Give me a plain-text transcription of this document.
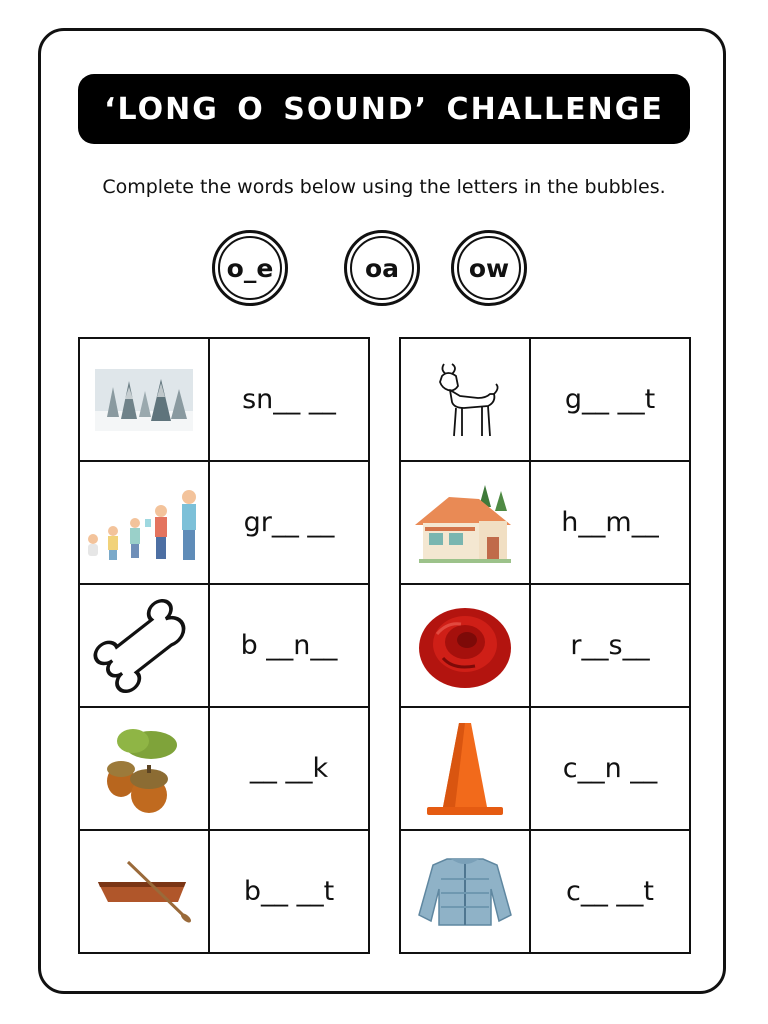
‘LONG O SOUND’ CHALLENGE
Complete the words below using the letters in the bubbles.
o_e	oa	ow
	sn__ __

	gr__ __

	b __n__

	__ __k

	b__ __t
	g__ __t

	h__m__

	r__s__

	c__n __

	c__ __t
